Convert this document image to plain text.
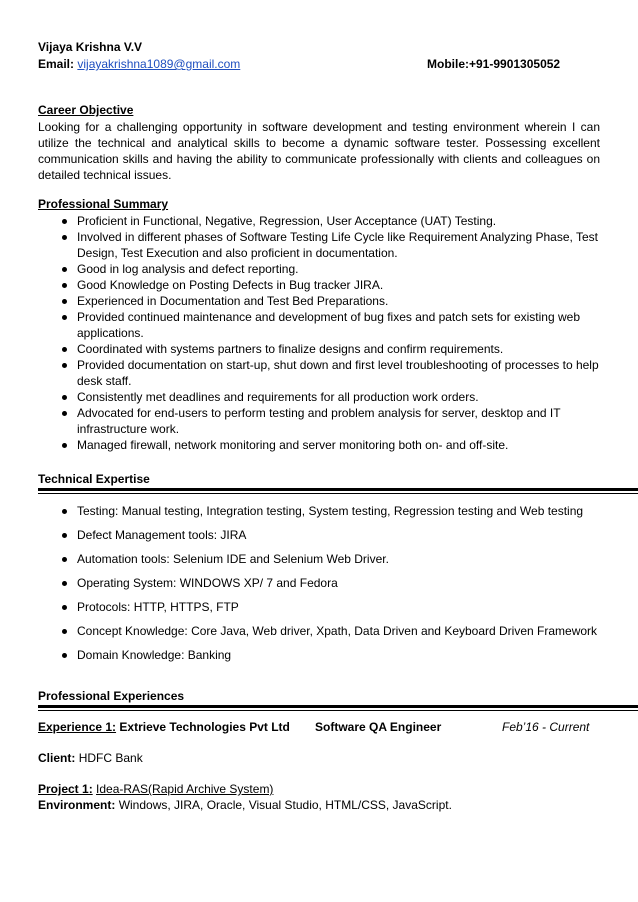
Vijaya Krishna V.V
Email: vijayakrishna1089@gmail.com	Mobile:+91-9901305052
Career Objective
Looking for a challenging opportunity in software development and testing environment wherein I can utilize the technical and analytical skills to become a dynamic software tester. Possessing excellent communication skills and having the ability to communicate professionally with clients and colleagues on detailed technical issues.
Professional Summary
Proficient in Functional, Negative, Regression, User Acceptance (UAT) Testing.
Involved in different phases of Software Testing Life Cycle like Requirement Analyzing Phase, Test Design, Test Execution and also proficient in documentation.
Good in log analysis and defect reporting.
Good Knowledge on Posting Defects in Bug tracker JIRA.
Experienced in Documentation and Test Bed Preparations.
Provided continued maintenance and development of bug fixes and patch sets for existing web applications.
Coordinated with systems partners to finalize designs and confirm requirements.
Provided documentation on start-up, shut down and first level troubleshooting of processes to help desk staff.
Consistently met deadlines and requirements for all production work orders.
Advocated for end-users to perform testing and problem analysis for server, desktop and IT infrastructure work.
Managed firewall, network monitoring and server monitoring both on- and off-site.
Technical Expertise
Testing: Manual testing, Integration testing, System testing, Regression testing and Web testing
Defect Management tools: JIRA
Automation tools: Selenium IDE and Selenium Web Driver.
Operating System: WINDOWS XP/ 7 and Fedora
Protocols: HTTP, HTTPS, FTP
Concept Knowledge: Core Java, Web driver, Xpath, Data Driven and Keyboard Driven Framework
Domain Knowledge: Banking
Professional Experiences
Experience 1: Extrieve Technologies Pvt Ltd Software QA Engineer	Feb’16 - Current
Client: HDFC Bank
Project 1: Idea-RAS(Rapid Archive System)
Environment: Windows, JIRA, Oracle, Visual Studio, HTML/CSS, JavaScript.
